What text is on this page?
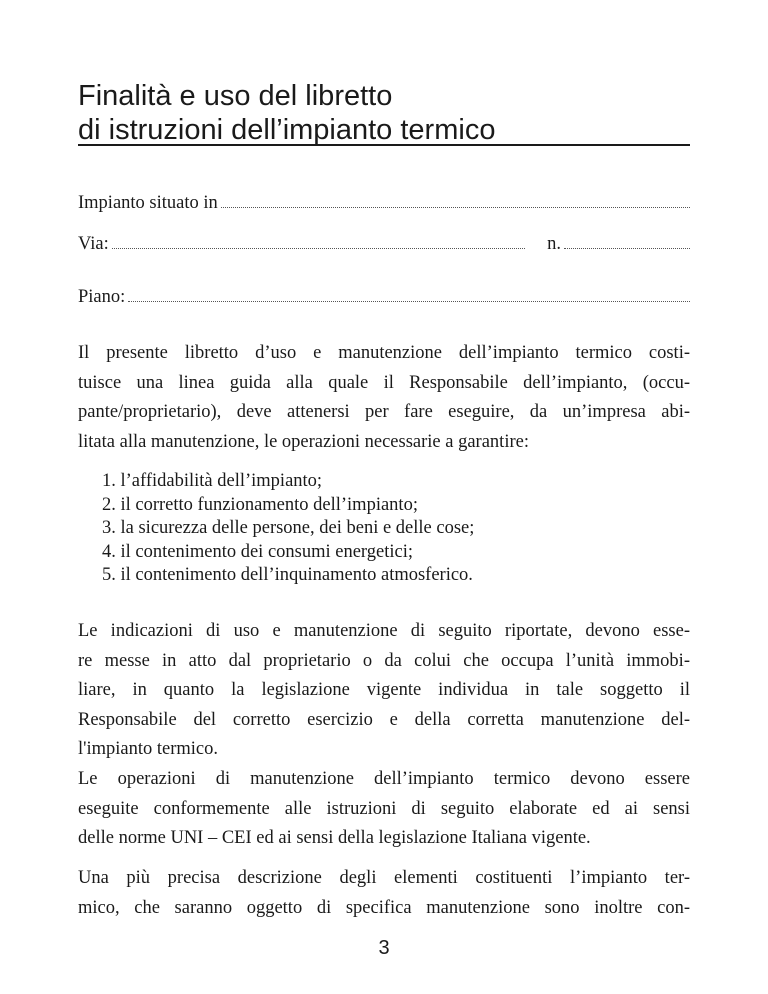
Finalità e uso del libretto
di istruzioni dell’impianto termico
Impianto situato in
Via:	n.
Piano:

Il presente libretto d’uso e manutenzione dell’impianto termico costi-
tuisce una linea guida alla quale il Responsabile dell’impianto, (occu-
pante/proprietario), deve attenersi per fare eseguire, da un’impresa abi-
litata alla manutenzione, le operazioni necessarie a garantire:

1. l’affidabilità dell’impianto;
2. il corretto funzionamento dell’impianto;
3. la sicurezza delle persone, dei beni e delle cose;
4. il contenimento dei consumi energetici;
5. il contenimento dell’inquinamento atmosferico.

Le indicazioni di uso e manutenzione di seguito riportate, devono esse-
re messe in atto dal proprietario o da colui che occupa l’unità immobi-
liare, in quanto la legislazione vigente individua in tale soggetto il
Responsabile del corretto esercizio e della corretta manutenzione del-
l'impianto termico.

Le operazioni di manutenzione dell’impianto termico devono essere
eseguite conformemente alle istruzioni di seguito elaborate ed ai sensi
delle norme UNI – CEI ed ai sensi della legislazione Italiana vigente.

Una più precisa descrizione degli elementi costituenti l’impianto ter-
mico, che saranno oggetto di specifica manutenzione sono inoltre con-

3
